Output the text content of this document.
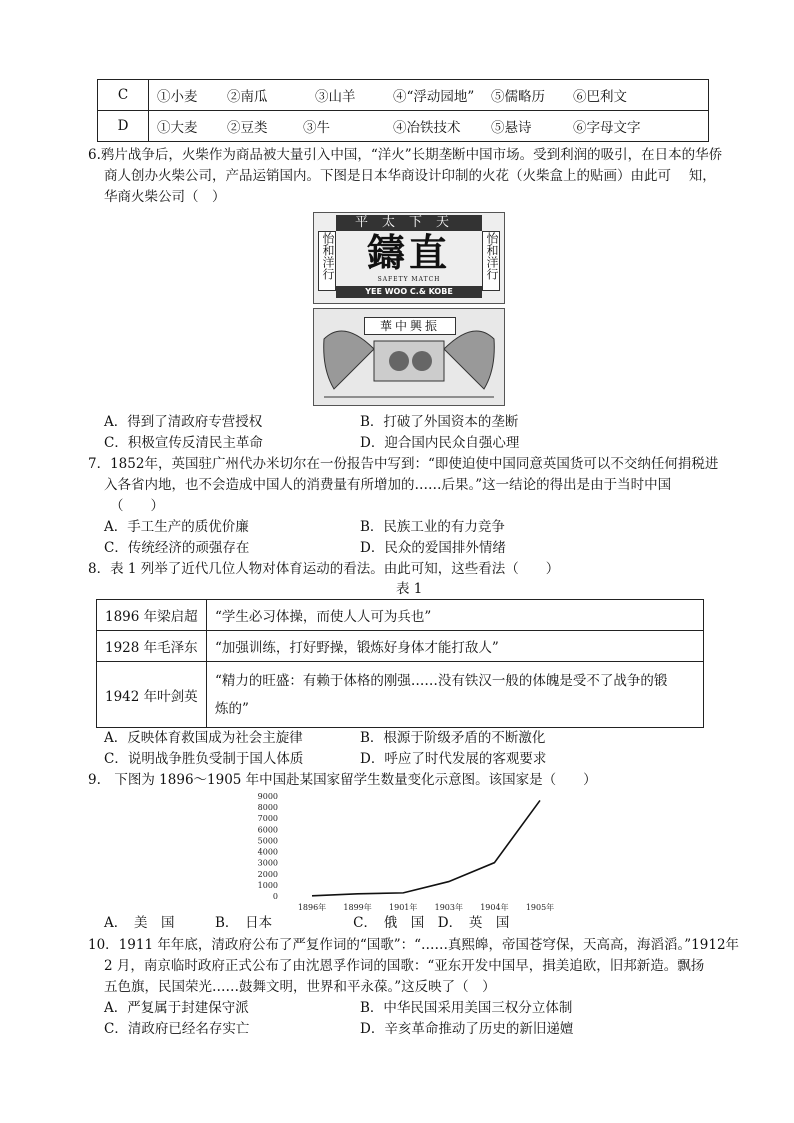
C	①小麦 ②南瓜 ③山羊 ④“浮动园地” ⑤儒略历 ⑥巴利文
D	①大麦 ②豆类 ③牛 ④冶铁技术 ⑤悬诗 ⑥字母文字
6.鸦片战争后，火柴作为商品被大量引入中国，“洋火”长期垄断中国市场。受到利润的吸引，在日本的华侨
商人创办火柴公司，产品运销国内。下图是日本华商设计印制的火花（火柴盒上的贴画）由此可　 知，
华商火柴公司（　）
平太下天
怡和洋行	怡和洋行
鑄直
SAFETY MATCH
YEE WOO C.& KOBE
華中興振
A．得到了清政府专营授权	B．打破了外国资本的垄断
C．积极宣传反清民主革命	D．迎合国内民众自强心理
7．1852年，英国驻广州代办米切尔在一份报告中写到：“即使迫使中国同意英国货可以不交纳任何捐税进
入各省内地，也不会造成中国人的消费量有所增加的……后果。”这一结论的得出是由于当时中国
（　　）
A．手工生产的质优价廉	B．民族工业的有力竞争
C．传统经济的顽强存在	D．民众的爱国排外情绪
8．表 1 列举了近代几位人物对体育运动的看法。由此可知，这些看法（　　）
表 1
1896 年梁启超	“学生必习体操，而使人人可为兵也”
1928 年毛泽东	“加强训练，打好野操，锻炼好身体才能打敌人”
1942 年叶剑英	“精力的旺盛：有赖于体格的刚强……没有铁汉一般的体魄是受不了战争的锻
炼的”
A．反映体育救国成为社会主旋律	B．根源于阶级矛盾的不断激化
C．说明战争胜负受制于国人体质	D．呼应了时代发展的客观要求
9.　下图为 1896～1905 年中国赴某国家留学生数量变化示意图。该国家是（　　）
0
1000
2000
3000
4000
5000
6000
7000
8000
9000
1896年 1899年 1901年 1903年 1904年 1905年
A．　美　国　　　B．　日本　　　　　　C．　俄　国　D．　英　国
10．1911 年年底，清政府公布了严复作词的“国歌”：“……真熙皞，帝国苍穹保，天高高，海滔滔。”1912年
2 月，南京临时政府正式公布了由沈恩孚作词的国歌：“亚东开发中国早，揖美追欧，旧邦新造。飘扬
五色旗，民国荣光……鼓舞文明，世界和平永葆。”这反映了（　）
A．严复属于封建保守派	B．中华民国采用美国三权分立体制
C．清政府已经名存实亡	D．辛亥革命推动了历史的新旧递嬗
